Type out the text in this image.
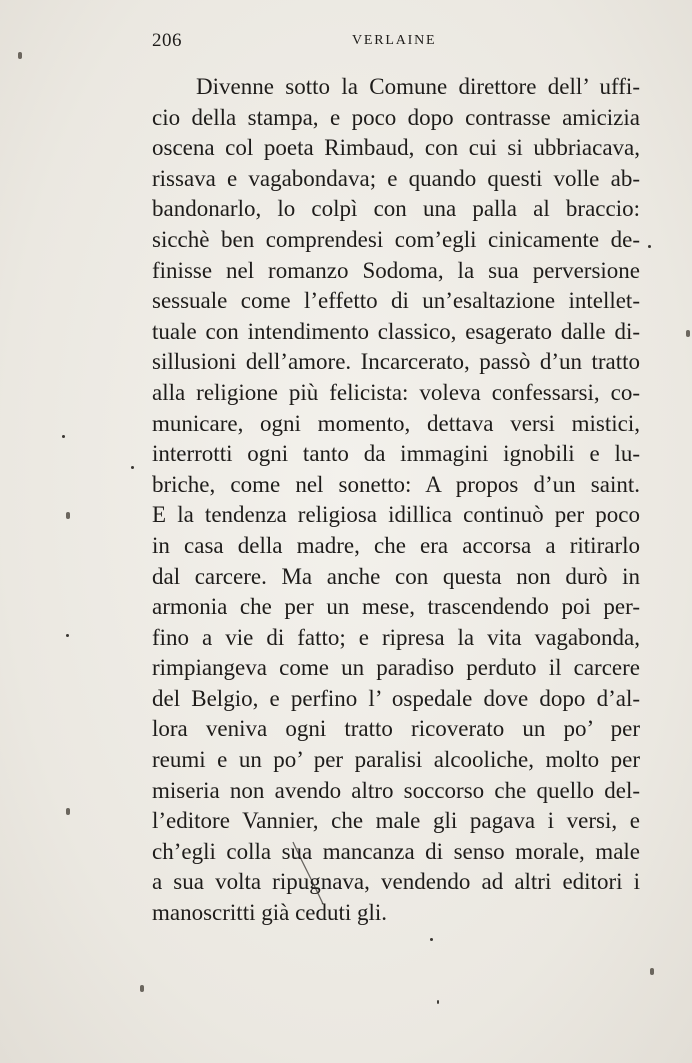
206	VERLAINE
Divenne sotto la Comune direttore dell’ uffi-
cio della stampa, e poco dopo contrasse amicizia
oscena col poeta Rimbaud, con cui si ubbriacava,
rissava e vagabondava; e quando questi volle ab-
bandonarlo, lo colpì con una palla al braccio:
sicchè ben comprendesi com’egli cinicamente de-
finisse nel romanzo Sodoma, la sua perversione
sessuale come l’effetto di un’esaltazione intellet-
tuale con intendimento classico, esagerato dalle di-
sillusioni dell’amore. Incarcerato, passò d’un tratto
alla religione più felicista: voleva confessarsi, co-
municare, ogni momento, dettava versi mistici,
interrotti ogni tanto da immagini ignobili e lu-
briche, come nel sonetto: A propos d’un saint.
E la tendenza religiosa idillica continuò per poco
in casa della madre, che era accorsa a ritirarlo
dal carcere. Ma anche con questa non durò in
armonia che per un mese, trascendendo poi per-
fino a vie di fatto; e ripresa la vita vagabonda,
rimpiangeva come un paradiso perduto il carcere
del Belgio, e perfino l’ ospedale dove dopo d’al-
lora veniva ogni tratto ricoverato un po’ per
reumi e un po’ per paralisi alcooliche, molto per
miseria non avendo altro soccorso che quello del-
l’editore Vannier, che male gli pagava i versi, e
ch’egli colla sua mancanza di senso morale, male
a sua volta ripugnava, vendendo ad altri editori i
manoscritti già ceduti gli.
